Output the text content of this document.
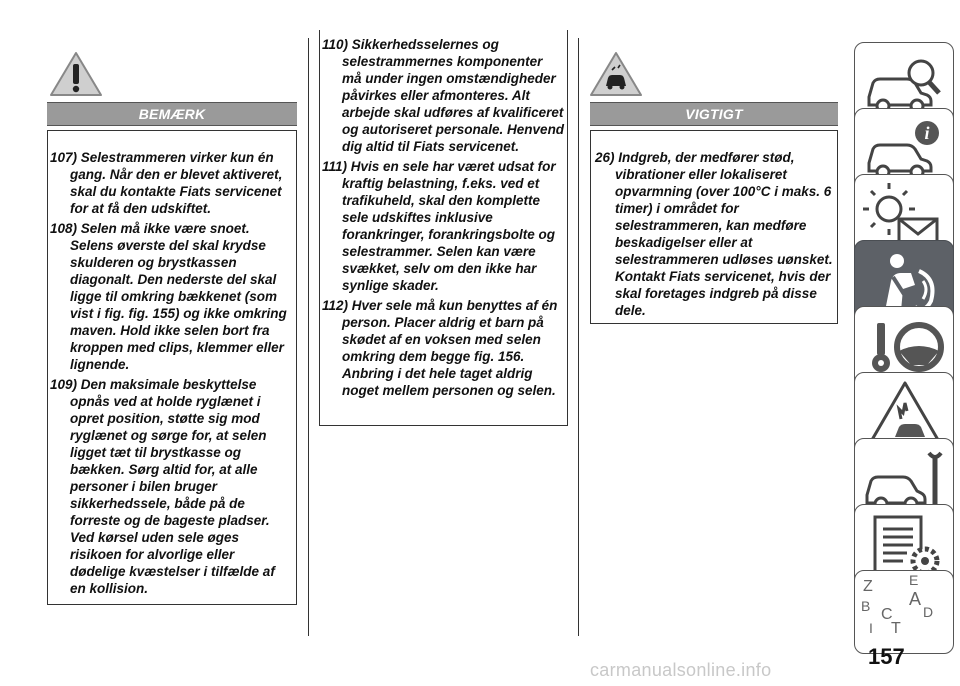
BEMÆRK
107) Selestrammeren virker kun én gang. Når den er blevet aktiveret, skal du kontakte Fiats servicenet for at få den udskiftet.
108) Selen må ikke være snoet. Selens øverste del skal krydse skulderen og brystkassen diagonalt. Den nederste del skal ligge til omkring bækkenet (som vist i fig. fig. 155) og ikke omkring maven. Hold ikke selen bort fra kroppen med clips, klemmer eller lignende.
109) Den maksimale beskyttelse opnås ved at holde ryglænet i opret position, støtte sig mod ryglænet og sørge for, at selen ligget tæt til brystkasse og bækken. Sørg altid for, at alle personer i bilen bruger sikkerhedssele, både på de forreste og de bageste pladser. Ved kørsel uden sele øges risikoen for alvorlige eller dødelige kvæstelser i tilfælde af en kollision.
110) Sikkerhedsselernes og selestrammernes komponenter må under ingen omstændigheder påvirkes eller afmonteres. Alt arbejde skal udføres af kvalificeret og autoriseret personale. Henvend dig altid til Fiats servicenet.
111) Hvis en sele har været udsat for kraftig belastning, f.eks. ved et trafikuheld, skal den komplette sele udskiftes inklusive forankringer, forankringsbolte og selestrammer. Selen kan være svækket, selv om den ikke har synlige skader.
112) Hver sele må kun benyttes af én person. Placer aldrig et barn på skødet af en voksen med selen omkring dem begge fig. 156. Anbring i det hele taget aldrig noget mellem personen og selen.
VIGTIGT
26) Indgreb, der medfører stød, vibrationer eller lokaliseret opvarmning (over 100°C i maks. 6 timer) i området for selestrammeren, kan medføre beskadigelser eller at selestrammeren udløses uønsket. Kontakt Fiats servicenet, hvis der skal foretages indgreb på disse dele.
i
Z	E
A
B C D
T
I
157
carmanualsonline.info
